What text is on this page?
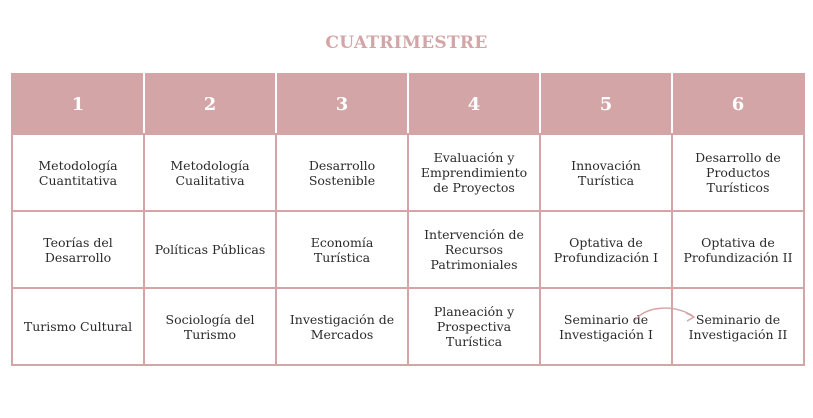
CUATRIMESTRE
1	2	3	4	5	6
Metodología Cuantitativa	Metodología Cualitativa	Desarrollo Sostenible	Evaluación y Emprendimiento de Proyectos	Innovación Turística	Desarrollo de Productos Turísticos
Teorías del Desarrollo	Políticas Públicas	Economía Turística	Intervención de Recursos Patrimoniales	Optativa de Profundización I	Optativa de Profundización II
Turismo Cultural	Sociología del Turismo	Investigación de Mercados	Planeación y Prospectiva Turística	Seminario de Investigación I	Seminario de Investigación II
